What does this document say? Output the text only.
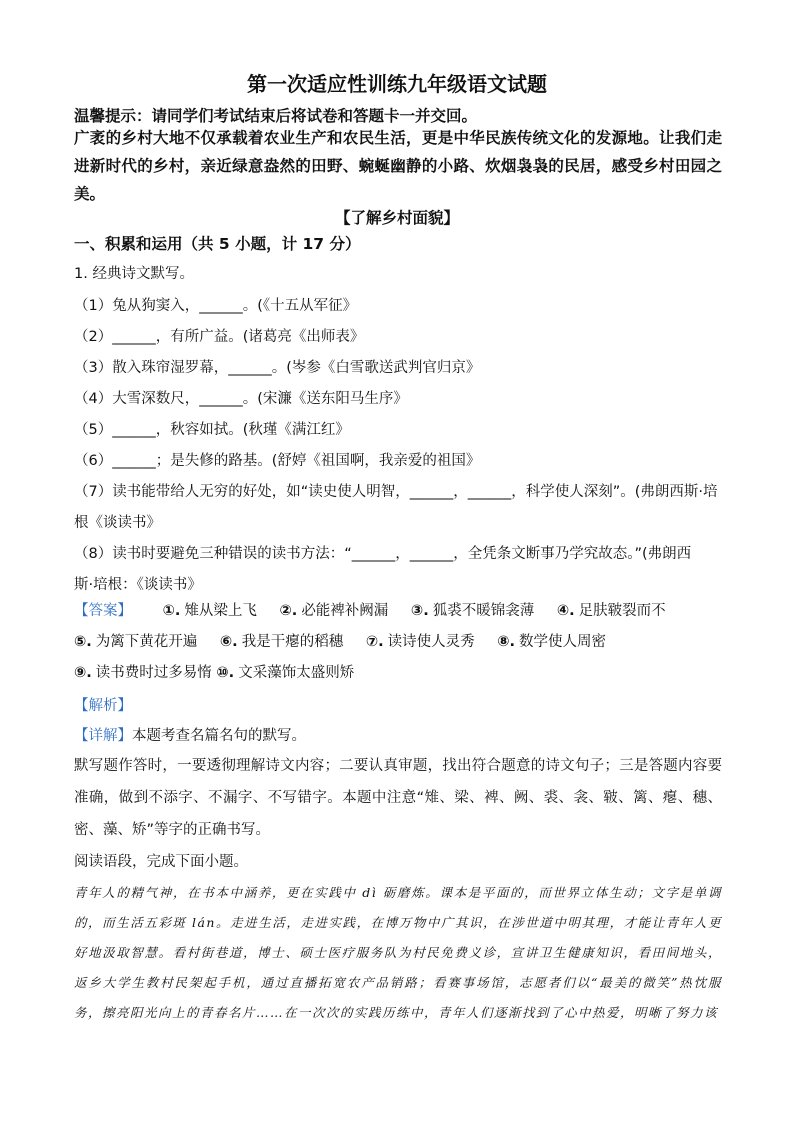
第一次适应性训练九年级语文试题
温馨提示：请同学们考试结束后将试卷和答题卡一并交回。
广袤的乡村大地不仅承载着农业生产和农民生活，更是中华民族传统文化的发源地。让我们走进新时代的乡村，亲近绿意盎然的田野、蜿蜒幽静的小路、炊烟袅袅的民居，感受乡村田园之美。
【了解乡村面貌】
一、积累和运用（共 5 小题，计 17 分）
1. 经典诗文默写。
（1）兔从狗窦入，______。(《十五从军征》
（2）______，有所广益。(诸葛亮《出师表》
（3）散入珠帘湿罗幕，______。(岑参《白雪歌送武判官归京》
（4）大雪深数尺，______。(宋濂《送东阳马生序》
（5）______，秋容如拭。(秋瑾《满江红》
（6）______；是失修的路基。(舒婷《祖国啊，我亲爱的祖国》
（7）读书能带给人无穷的好处，如“读史使人明智，______，______，科学使人深刻”。(弗朗西斯·培
根《谈读书》
（8）读书时要避免三种错误的读书方法：“______，______，全凭条文断事乃学究故态。”(弗朗西
斯·培根：《谈读书》
【答案】 ①. 雉从梁上飞 ②. 必能裨补阙漏 ③. 狐裘不暖锦衾薄 ④. 足肤皲裂而不 ⑤. 为篱下黄花开遍 ⑥. 我是干瘪的稻穗 ⑦. 读诗使人灵秀 ⑧. 数学使人周密 ⑨. 读书费时过多易惰 ⑩. 文采藻饰太盛则矫
【解析】
【详解】本题考查名篇名句的默写。
默写题作答时，一要透彻理解诗文内容；二要认真审题，找出符合题意的诗文句子；三是答题内容要准确，做到不添字、不漏字、不写错字。本题中注意“雉、梁、裨、阙、裘、衾、皲、篱、瘪、穗、密、藻、矫”等字的正确书写。
阅读语段，完成下面小题。
青年人的精气神，在书本中涵养，更在实践中 dì 砺磨炼。课本是平面的，而世界立体生动；文字是单调的，而生活五彩斑 lán。走进生活，走进实践，在博万物中广其识，在涉世道中明其理，才能让青年人更好地汲取智慧。看村街巷道，博士、硕士医疗服务队为村民免费义诊，宣讲卫生健康知识，看田间地头，返乡大学生教村民架起手机，通过直播拓宽农产品销路；看赛事场馆，志愿者们以“最美的微笑”热忱服务，擦亮阳光向上的青春名片……在一次次的实践历练中，青年人们逐渐找到了心中热爱，明晰了努力该
